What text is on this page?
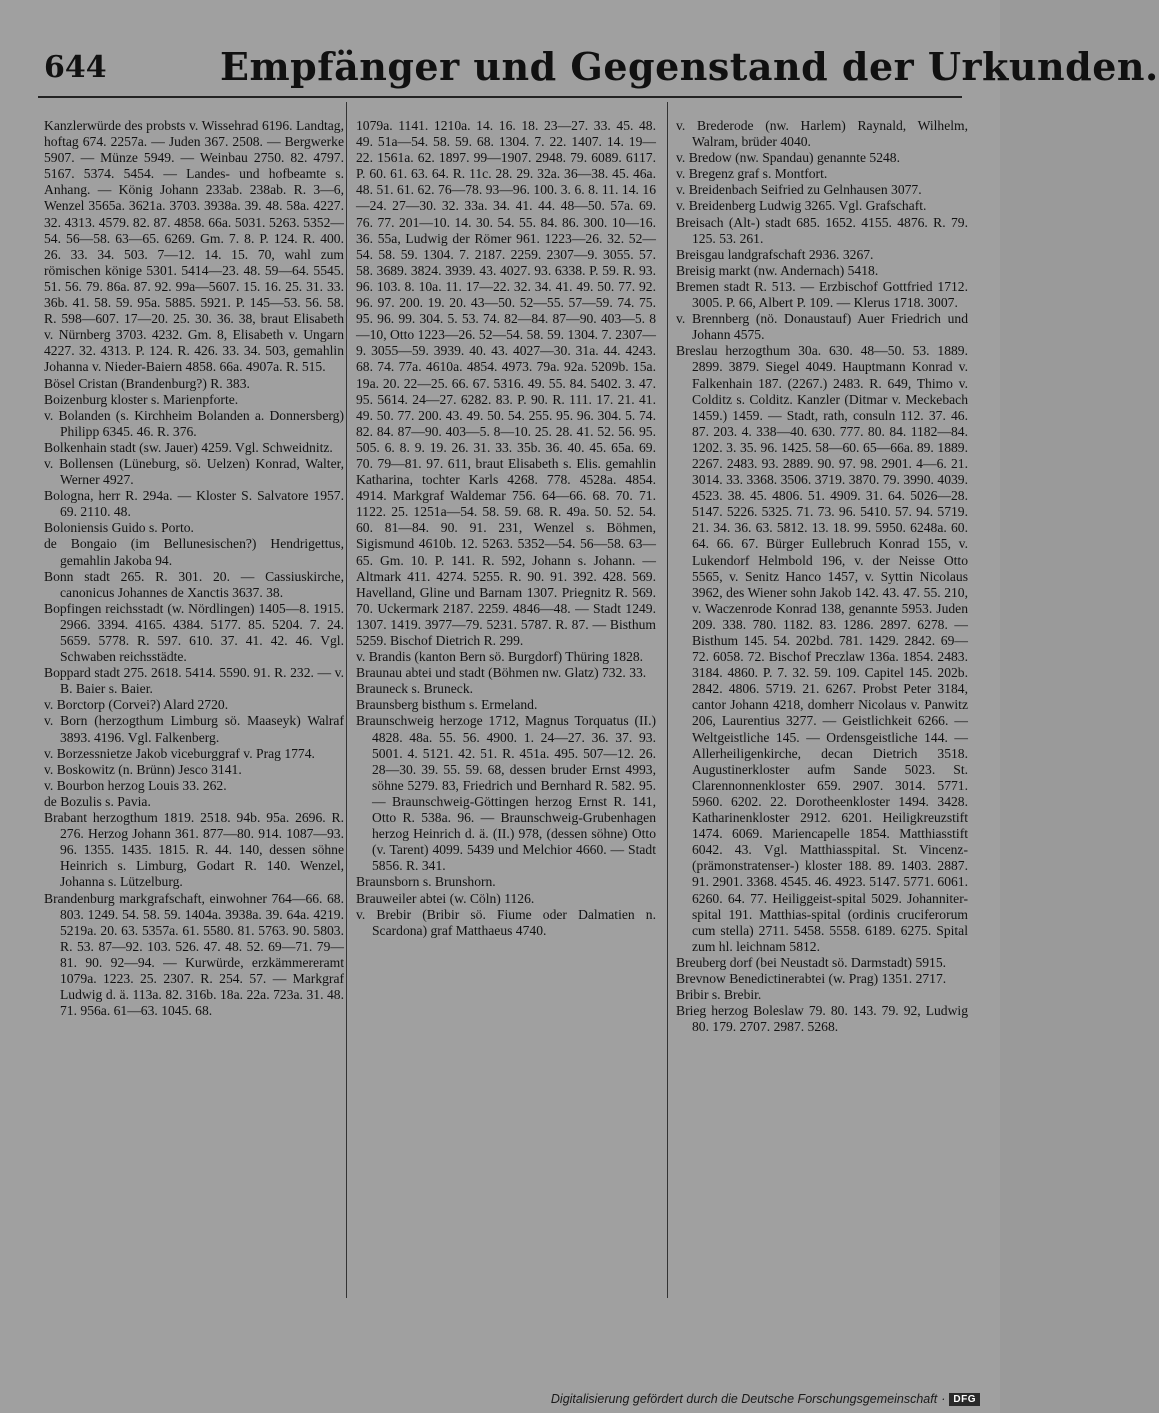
644	Empfänger und Gegenstand der Urkunden.

Kanzlerwürde des probsts v. Wissehrad 6196. Landtag, hoftag 674. 2257a. — Juden 367. 2508. — Bergwerke 5907. — Münze 5949. — Weinbau 2750. 82. 4797. 5167. 5374. 5454. — Landes- und hofbeamte s. Anhang. — König Johann 233ab. 238ab. R. 3—6, Wenzel 3565a. 3621a. 3703. 3938a. 39. 48. 58a. 4227. 32. 4313. 4579. 82. 87. 4858. 66a. 5031. 5263. 5352—54. 56—58. 63—65. 6269. Gm. 7. 8. P. 124. R. 400. 26. 33. 34. 503. 7—12. 14. 15. 70, wahl zum römischen könige 5301. 5414—23. 48. 59—64. 5545. 51. 56. 79. 86a. 87. 92. 99a—5607. 15. 16. 25. 31. 33. 36b. 41. 58. 59. 95a. 5885. 5921. P. 145—53. 56. 58. R. 598—607. 17—20. 25. 30. 36. 38, braut Elisabeth v. Nürnberg 3703. 4232. Gm. 8, Elisabeth v. Ungarn 4227. 32. 4313. P. 124. R. 426. 33. 34. 503, gemahlin Johanna v. Nieder-Baiern 4858. 66a. 4907a. R. 515.

Bösel Cristan (Brandenburg?) R. 383.

Boizenburg kloster s. Marienpforte.

v. Bolanden (s. Kirchheim Bolanden a. Donnersberg) Philipp 6345. 46. R. 376.

Bolkenhain stadt (sw. Jauer) 4259. Vgl. Schweidnitz.

v. Bollensen (Lüneburg, sö. Uelzen) Konrad, Walter, Werner 4927.

Bologna, herr R. 294a. — Kloster S. Salvatore 1957. 69. 2110. 48.

Boloniensis Guido s. Porto.

de Bongaio (im Bellunesischen?) Hendrigettus, gemahlin Jakoba 94.

Bonn stadt 265. R. 301. 20. — Cassiuskirche, canonicus Johannes de Xanctis 3637. 38.

Bopfingen reichsstadt (w. Nördlingen) 1405—8. 1915. 2966. 3394. 4165. 4384. 5177. 85. 5204. 7. 24. 5659. 5778. R. 597. 610. 37. 41. 42. 46. Vgl. Schwaben reichsstädte.

Boppard stadt 275. 2618. 5414. 5590. 91. R. 232. — v. B. Baier s. Baier.

v. Borctorp (Corvei?) Alard 2720.

v. Born (herzogthum Limburg sö. Maaseyk) Walraf 3893. 4196. Vgl. Falkenberg.

v. Borzessnietze Jakob viceburggraf v. Prag 1774.

v. Boskowitz (n. Brünn) Jesco 3141.

v. Bourbon herzog Louis 33. 262.

de Bozulis s. Pavia.

Brabant herzogthum 1819. 2518. 94b. 95a. 2696. R. 276. Herzog Johann 361. 877—80. 914. 1087—93. 96. 1355. 1435. 1815. R. 44. 140, dessen söhne Heinrich s. Limburg, Godart R. 140. Wenzel, Johanna s. Lützelburg.

Brandenburg markgrafschaft, einwohner 764—66. 68. 803. 1249. 54. 58. 59. 1404a. 3938a. 39. 64a. 4219. 5219a. 20. 63. 5357a. 61. 5580. 81. 5763. 90. 5803. R. 53. 87—92. 103. 526. 47. 48. 52. 69—71. 79—81. 90. 92—94. — Kurwürde, erzkämmereramt 1079a. 1223. 25. 2307. R. 254. 57. — Markgraf Ludwig d. ä. 113a. 82. 316b. 18a. 22a. 723a. 31. 48. 71. 956a. 61—63. 1045. 68.

1079a. 1141. 1210a. 14. 16. 18. 23—27. 33. 45. 48. 49. 51a—54. 58. 59. 68. 1304. 7. 22. 1407. 14. 19—22. 1561a. 62. 1897. 99—1907. 2948. 79. 6089. 6117. P. 60. 61. 63. 64. R. 11c. 28. 29. 32a. 36—38. 45. 46a. 48. 51. 61. 62. 76—78. 93—96. 100. 3. 6. 8. 11. 14. 16—24. 27—30. 32. 33a. 34. 41. 44. 48—50. 57a. 69. 76. 77. 201—10. 14. 30. 54. 55. 84. 86. 300. 10—16. 36. 55a, Ludwig der Römer 961. 1223—26. 32. 52—54. 58. 59. 1304. 7. 2187. 2259. 2307—9. 3055. 57. 58. 3689. 3824. 3939. 43. 4027. 93. 6338. P. 59. R. 93. 96. 103. 8. 10a. 11. 17—22. 32. 34. 41. 49. 50. 77. 92. 96. 97. 200. 19. 20. 43—50. 52—55. 57—59. 74. 75. 95. 96. 99. 304. 5. 53. 74. 82—84. 87—90. 403—5. 8—10, Otto 1223—26. 52—54. 58. 59. 1304. 7. 2307—9. 3055—59. 3939. 40. 43. 4027—30. 31a. 44. 4243. 68. 74. 77a. 4610a. 4854. 4973. 79a. 92a. 5209b. 15a. 19a. 20. 22—25. 66. 67. 5316. 49. 55. 84. 5402. 3. 47. 95. 5614. 24—27. 6282. 83. P. 90. R. 111. 17. 21. 41. 49. 50. 77. 200. 43. 49. 50. 54. 255. 95. 96. 304. 5. 74. 82. 84. 87—90. 403—5. 8—10. 25. 28. 41. 52. 56. 95. 505. 6. 8. 9. 19. 26. 31. 33. 35b. 36. 40. 45. 65a. 69. 70. 79—81. 97. 611, braut Elisabeth s. Elis. gemahlin Katharina, tochter Karls 4268. 778. 4528a. 4854. 4914. Markgraf Waldemar 756. 64—66. 68. 70. 71. 1122. 25. 1251a—54. 58. 59. 68. R. 49a. 50. 52. 54. 60. 81—84. 90. 91. 231, Wenzel s. Böhmen, Sigismund 4610b. 12. 5263. 5352—54. 56—58. 63—65. Gm. 10. P. 141. R. 592, Johann s. Johann. — Altmark 411. 4274. 5255. R. 90. 91. 392. 428. 569. Havelland, Gline und Barnam 1307. Priegnitz R. 569. 70. Uckermark 2187. 2259. 4846—48. — Stadt 1249. 1307. 1419. 3977—79. 5231. 5787. R. 87. — Bisthum 5259. Bischof Dietrich R. 299.

v. Brandis (kanton Bern sö. Burgdorf) Thüring 1828.

Braunau abtei und stadt (Böhmen nw. Glatz) 732. 33.

Brauneck s. Bruneck.

Braunsberg bisthum s. Ermeland.

Braunschweig herzoge 1712, Magnus Torquatus (II.) 4828. 48a. 55. 56. 4900. 1. 24—27. 36. 37. 93. 5001. 4. 5121. 42. 51. R. 451a. 495. 507—12. 26. 28—30. 39. 55. 59. 68, dessen bruder Ernst 4993, söhne 5279. 83, Friedrich und Bernhard R. 582. 95. — Braunschweig-Göttingen herzog Ernst R. 141, Otto R. 538a. 96. — Braunschweig-Grubenhagen herzog Heinrich d. ä. (II.) 978, (dessen söhne) Otto (v. Tarent) 4099. 5439 und Melchior 4660. — Stadt 5856. R. 341.

Braunsborn s. Brunshorn.

Brauweiler abtei (w. Cöln) 1126.

v. Brebir (Bribir sö. Fiume oder Dalmatien n. Scardona) graf Matthaeus 4740.

v. Brederode (nw. Harlem) Raynald, Wilhelm, Walram, brüder 4040.

v. Bredow (nw. Spandau) genannte 5248.

v. Bregenz graf s. Montfort.

v. Breidenbach Seifried zu Gelnhausen 3077.

v. Breidenberg Ludwig 3265. Vgl. Grafschaft.

Breisach (Alt-) stadt 685. 1652. 4155. 4876. R. 79. 125. 53. 261.

Breisgau landgrafschaft 2936. 3267.

Breisig markt (nw. Andernach) 5418.

Bremen stadt R. 513. — Erzbischof Gottfried 1712. 3005. P. 66, Albert P. 109. — Klerus 1718. 3007.

v. Brennberg (nö. Donaustauf) Auer Friedrich und Johann 4575.

Breslau herzogthum 30a. 630. 48—50. 53. 1889. 2899. 3879. Siegel 4049. Hauptmann Konrad v. Falkenhain 187. (2267.) 2483. R. 649, Thimo v. Colditz s. Colditz. Kanzler (Ditmar v. Meckebach 1459.) 1459. — Stadt, rath, consuln 112. 37. 46. 87. 203. 4. 338—40. 630. 777. 80. 84. 1182—84. 1202. 3. 35. 96. 1425. 58—60. 65—66a. 89. 1889. 2267. 2483. 93. 2889. 90. 97. 98. 2901. 4—6. 21. 3014. 33. 3368. 3506. 3719. 3870. 79. 3990. 4039. 4523. 38. 45. 4806. 51. 4909. 31. 64. 5026—28. 5147. 5226. 5325. 71. 73. 96. 5410. 57. 94. 5719. 21. 34. 36. 63. 5812. 13. 18. 99. 5950. 6248a. 60. 64. 66. 67. Bürger Eullebruch Konrad 155, v. Lukendorf Helmbold 196, v. der Neisse Otto 5565, v. Senitz Hanco 1457, v. Syttin Nicolaus 3962, des Wiener sohn Jakob 142. 43. 47. 55. 210, v. Waczenrode Konrad 138, genannte 5953. Juden 209. 338. 780. 1182. 83. 1286. 2897. 6278. — Bisthum 145. 54. 202bd. 781. 1429. 2842. 69—72. 6058. 72. Bischof Preczlaw 136a. 1854. 2483. 3184. 4860. P. 7. 32. 59. 109. Capitel 145. 202b. 2842. 4806. 5719. 21. 6267. Probst Peter 3184, cantor Johann 4218, domherr Nicolaus v. Panwitz 206, Laurentius 3277. — Geistlichkeit 6266. — Weltgeistliche 145. — Ordensgeistliche 144. — Allerheiligenkirche, decan Dietrich 3518. Augustinerkloster aufm Sande 5023. St. Clarennonnenkloster 659. 2907. 3014. 5771. 5960. 6202. 22. Dorotheenkloster 1494. 3428. Katharinenkloster 2912. 6201. Heiligkreuzstift 1474. 6069. Mariencapelle 1854. Matthiasstift 6042. 43. Vgl. Matthiasspital. St. Vincenz- (prämonstratenser-) kloster 188. 89. 1403. 2887. 91. 2901. 3368. 4545. 46. 4923. 5147. 5771. 6061. 6260. 64. 77. Heiliggeist-spital 5029. Johanniter-spital 191. Matthias-spital (ordinis cruciferorum cum stella) 2711. 5458. 5558. 6189. 6275. Spital zum hl. leichnam 5812.

Breuberg dorf (bei Neustadt sö. Darmstadt) 5915.

Brevnow Benedictinerabtei (w. Prag) 1351. 2717.

Bribir s. Brebir.

Brieg herzog Boleslaw 79. 80. 143. 79. 92, Ludwig 80. 179. 2707. 2987. 5268.

Digitalisierung gefördert durch die Deutsche Forschungsgemeinschaft · DFG
